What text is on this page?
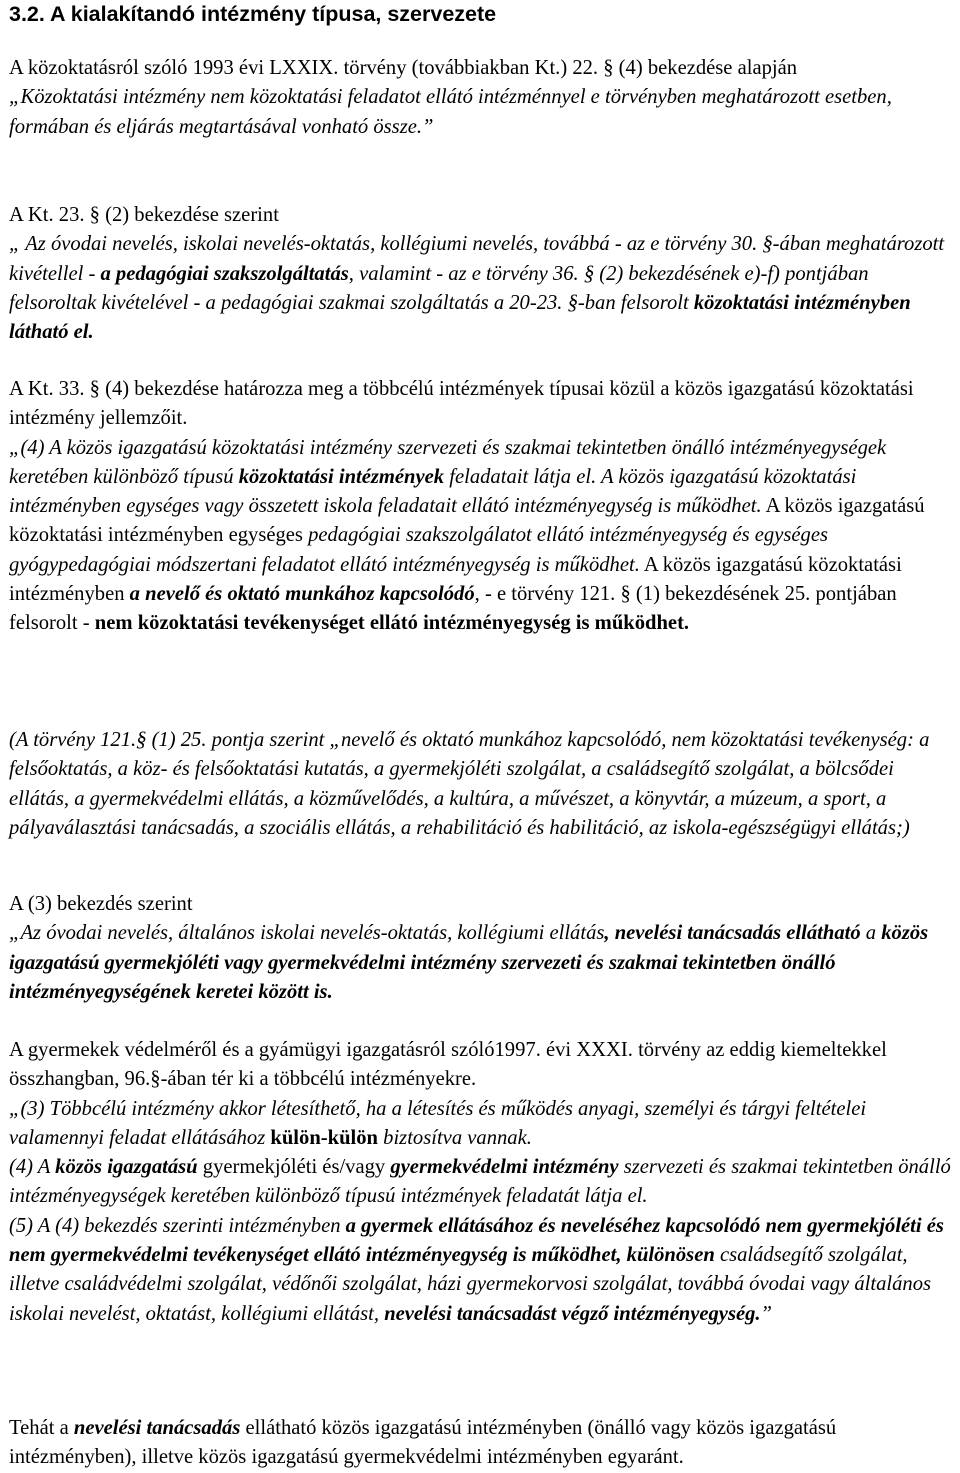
3.2. A kialakítandó intézmény típusa, szervezete

A közoktatásról szóló 1993 évi LXXIX. törvény (továbbiakban Kt.) 22. § (4) bekezdése alapján
„Közoktatási intézmény nem közoktatási feladatot ellátó intézménnyel e törvényben meghatározott esetben, formában és eljárás megtartásával vonható össze.”

A Kt. 23. § (2) bekezdése szerint
„ Az óvodai nevelés, iskolai nevelés-oktatás, kollégiumi nevelés, továbbá - az e törvény 30. §-ában meghatározott kivétellel - a pedagógiai szakszolgáltatás, valamint - az e törvény 36. § (2) bekezdésének e)-f) pontjában felsoroltak kivételével - a pedagógiai szakmai szolgáltatás a 20-23. §-ban felsorolt közoktatási intézményben látható el.

A Kt. 33. § (4) bekezdése határozza meg a többcélú intézmények típusai közül a közös igazgatású közoktatási intézmény jellemzőit.
„(4) A közös igazgatású közoktatási intézmény szervezeti és szakmai tekintetben önálló intézményegységek keretében különböző típusú közoktatási intézmények feladatait látja el. A közös igazgatású közoktatási intézményben egységes vagy összetett iskola feladatait ellátó intézményegység is működhet. A közös igazgatású közoktatási intézményben egységes pedagógiai szakszolgálatot ellátó intézményegység és egységes gyógypedagógiai módszertani feladatot ellátó intézményegység is működhet. A közös igazgatású közoktatási intézményben a nevelő és oktató munkához kapcsolódó, - e törvény 121. § (1) bekezdésének 25. pontjában felsorolt - nem közoktatási tevékenységet ellátó intézményegység is működhet.

(A törvény 121.§ (1) 25. pontja szerint „nevelő és oktató munkához kapcsolódó, nem közoktatási tevékenység: a felsőoktatás, a köz- és felsőoktatási kutatás, a gyermekjóléti szolgálat, a családsegítő szolgálat, a bölcsődei ellátás, a gyermekvédelmi ellátás, a közművelődés, a kultúra, a művészet, a könyvtár, a múzeum, a sport, a pályaválasztási tanácsadás, a szociális ellátás, a rehabilitáció és habilitáció, az iskola-egészségügyi ellátás;)

A (3) bekezdés szerint
„Az óvodai nevelés, általános iskolai nevelés-oktatás, kollégiumi ellátás, nevelési tanácsadás ellátható a közös igazgatású gyermekjóléti vagy gyermekvédelmi intézmény szervezeti és szakmai tekintetben önálló intézményegységének keretei között is.

A gyermekek védelméről és a gyámügyi igazgatásról szóló1997. évi XXXI. törvény az eddig kiemeltekkel összhangban, 96.§-ában tér ki a többcélú intézményekre.
„(3) Többcélú intézmény akkor létesíthető, ha a létesítés és működés anyagi, személyi és tárgyi feltételei valamennyi feladat ellátásához külön-külön biztosítva vannak.
(4) A közös igazgatású gyermekjóléti és/vagy gyermekvédelmi intézmény szervezeti és szakmai tekintetben önálló intézményegységek keretében különböző típusú intézmények feladatát látja el.
(5) A (4) bekezdés szerinti intézményben a gyermek ellátásához és neveléséhez kapcsolódó nem gyermekjóléti és nem gyermekvédelmi tevékenységet ellátó intézményegység is működhet, különösen családsegítő szolgálat, illetve családvédelmi szolgálat, védőnői szolgálat, házi gyermekorvosi szolgálat, továbbá óvodai vagy általános iskolai nevelést, oktatást, kollégiumi ellátást, nevelési tanácsadást végző intézményegység.”

Tehát a nevelési tanácsadás ellátható közös igazgatású intézményben (önálló vagy közös igazgatású intézményben), illetve közös igazgatású gyermekvédelmi intézményben egyaránt.
